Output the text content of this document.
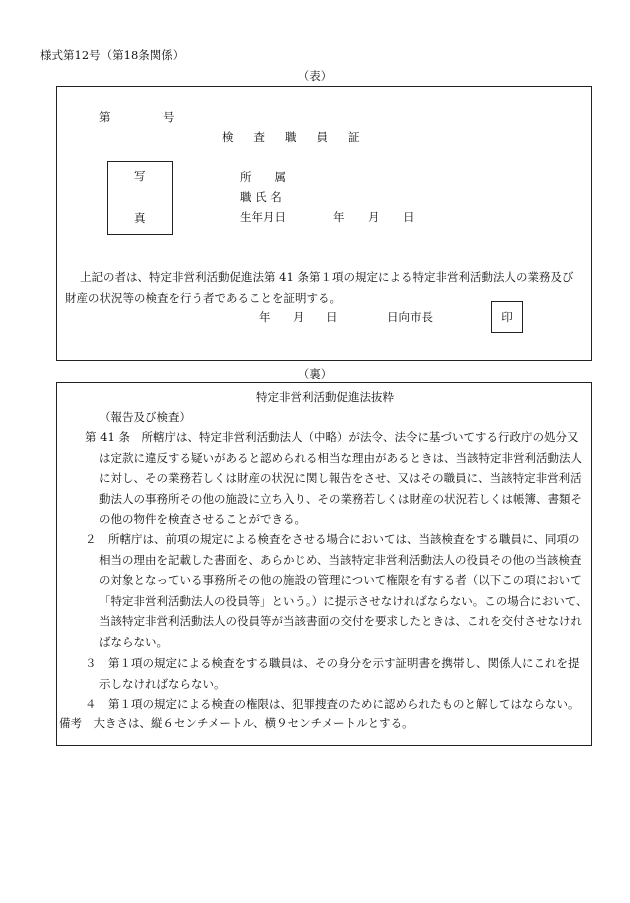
様式第12号（第18条関係）
（表）
第	号
検査職員証
写
真
所　　属
職 氏 名
生年月日	年 月 日
上記の者は、特定非営利活動促進法第 41 条第１項の規定による特定非営利活動法人の業務及び
財産の状況等の検査を行う者であることを証明する。
年 月 日	日向市長	印
（裏）
特定非営利活動促進法抜粋
（報告及び検査）
第 41 条　所轄庁は、特定非営利活動法人（中略）が法令、法令に基づいてする行政庁の処分又
は定款に違反する疑いがあると認められる相当な理由があるときは、当該特定非営利活動法人
に対し、その業務若しくは財産の状況に関し報告をさせ、又はその職員に、当該特定非営利活
動法人の事務所その他の施設に立ち入り、その業務若しくは財産の状況若しくは帳簿、書類そ
の他の物件を検査させることができる。
２　所轄庁は、前項の規定による検査をさせる場合においては、当該検査をする職員に、同項の
相当の理由を記載した書面を、あらかじめ、当該特定非営利活動法人の役員その他の当該検査
の対象となっている事務所その他の施設の管理について権限を有する者（以下この項において
「特定非営利活動法人の役員等」という。）に提示させなければならない。この場合において、
当該特定非営利活動法人の役員等が当該書面の交付を要求したときは、これを交付させなけれ
ばならない。
３　第１項の規定による検査をする職員は、その身分を示す証明書を携帯し、関係人にこれを提
示しなければならない。
４　第１項の規定による検査の権限は、犯罪捜査のために認められたものと解してはならない。
備考　大きさは、縦６センチメートル、横９センチメートルとする。
